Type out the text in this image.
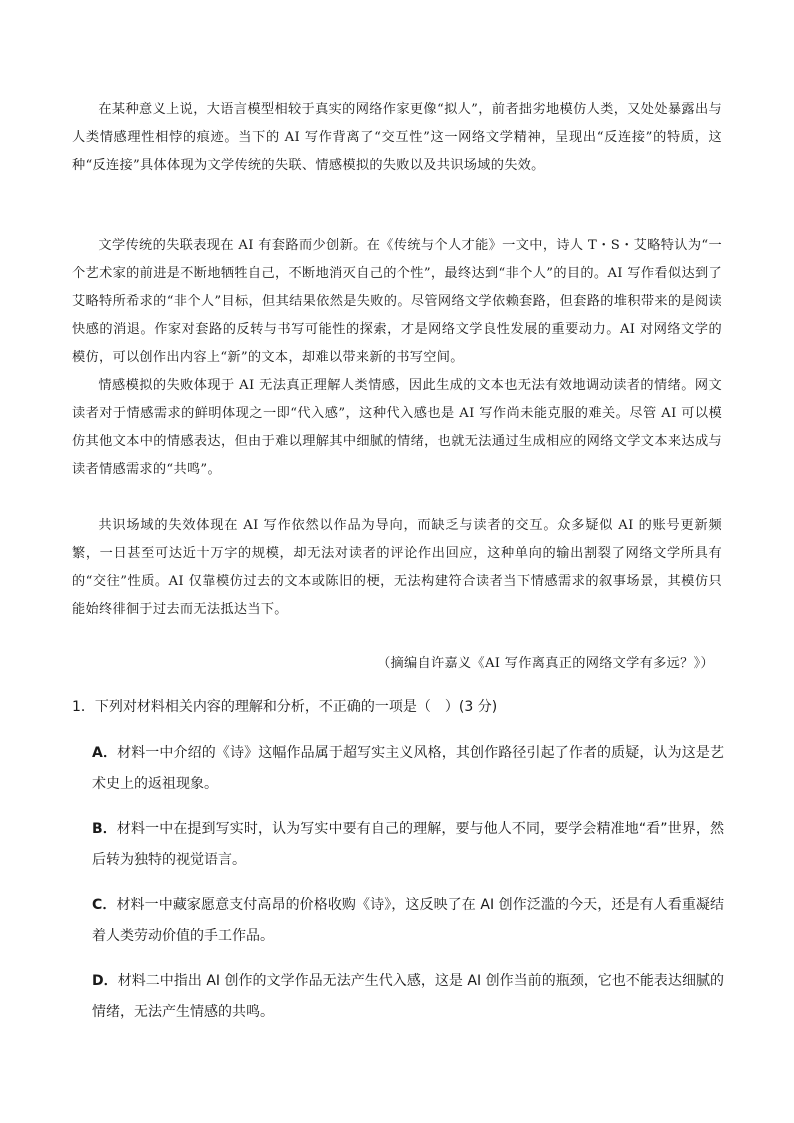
在某种意义上说，大语言模型相较于真实的网络作家更像“拟人”，前者拙劣地模仿人类，又处处暴露出与人类情感理性相悖的痕迹。当下的 AI 写作背离了“交互性”这一网络文学精神，呈现出“反连接”的特质，这种“反连接”具体体现为文学传统的失联、情感模拟的失败以及共识场域的失效。

文学传统的失联表现在 AI 有套路而少创新。在《传统与个人才能》一文中，诗人 T・S・艾略特认为“一个艺术家的前进是不断地牺牲自己，不断地消灭自己的个性”，最终达到“非个人”的目的。AI 写作看似达到了艾略特所希求的“非个人”目标，但其结果依然是失败的。尽管网络文学依赖套路，但套路的堆积带来的是阅读快感的消退。作家对套路的反转与书写可能性的探索，才是网络文学良性发展的重要动力。AI 对网络文学的模仿，可以创作出内容上“新”的文本，却难以带来新的书写空间。

情感模拟的失败体现于 AI 无法真正理解人类情感，因此生成的文本也无法有效地调动读者的情绪。网文读者对于情感需求的鲜明体现之一即“代入感”，这种代入感也是 AI 写作尚未能克服的难关。尽管 AI 可以模仿其他文本中的情感表达，但由于难以理解其中细腻的情绪，也就无法通过生成相应的网络文学文本来达成与读者情感需求的“共鸣”。

共识场域的失效体现在 AI 写作依然以作品为导向，而缺乏与读者的交互。众多疑似 AI 的账号更新频繁，一日甚至可达近十万字的规模，却无法对读者的评论作出回应，这种单向的输出割裂了网络文学所具有的“交往”性质。AI 仅靠模仿过去的文本或陈旧的梗，无法构建符合读者当下情感需求的叙事场景，其模仿只能始终徘徊于过去而无法抵达当下。

（摘编自许嘉义《AI 写作离真正的网络文学有多远？》）

1．下列对材料相关内容的理解和分析，不正确的一项是（　）(3 分)

A．材料一中介绍的《诗》这幅作品属于超写实主义风格，其创作路径引起了作者的质疑，认为这是艺术史上的返祖现象。

B．材料一中在提到写实时，认为写实中要有自己的理解，要与他人不同，要学会精准地“看”世界，然后转为独特的视觉语言。

C．材料一中藏家愿意支付高昂的价格收购《诗》，这反映了在 AI 创作泛滥的今天，还是有人看重凝结着人类劳动价值的手工作品。

D．材料二中指出 AI 创作的文学作品无法产生代入感，这是 AI 创作当前的瓶颈，它也不能表达细腻的情绪，无法产生情感的共鸣。
